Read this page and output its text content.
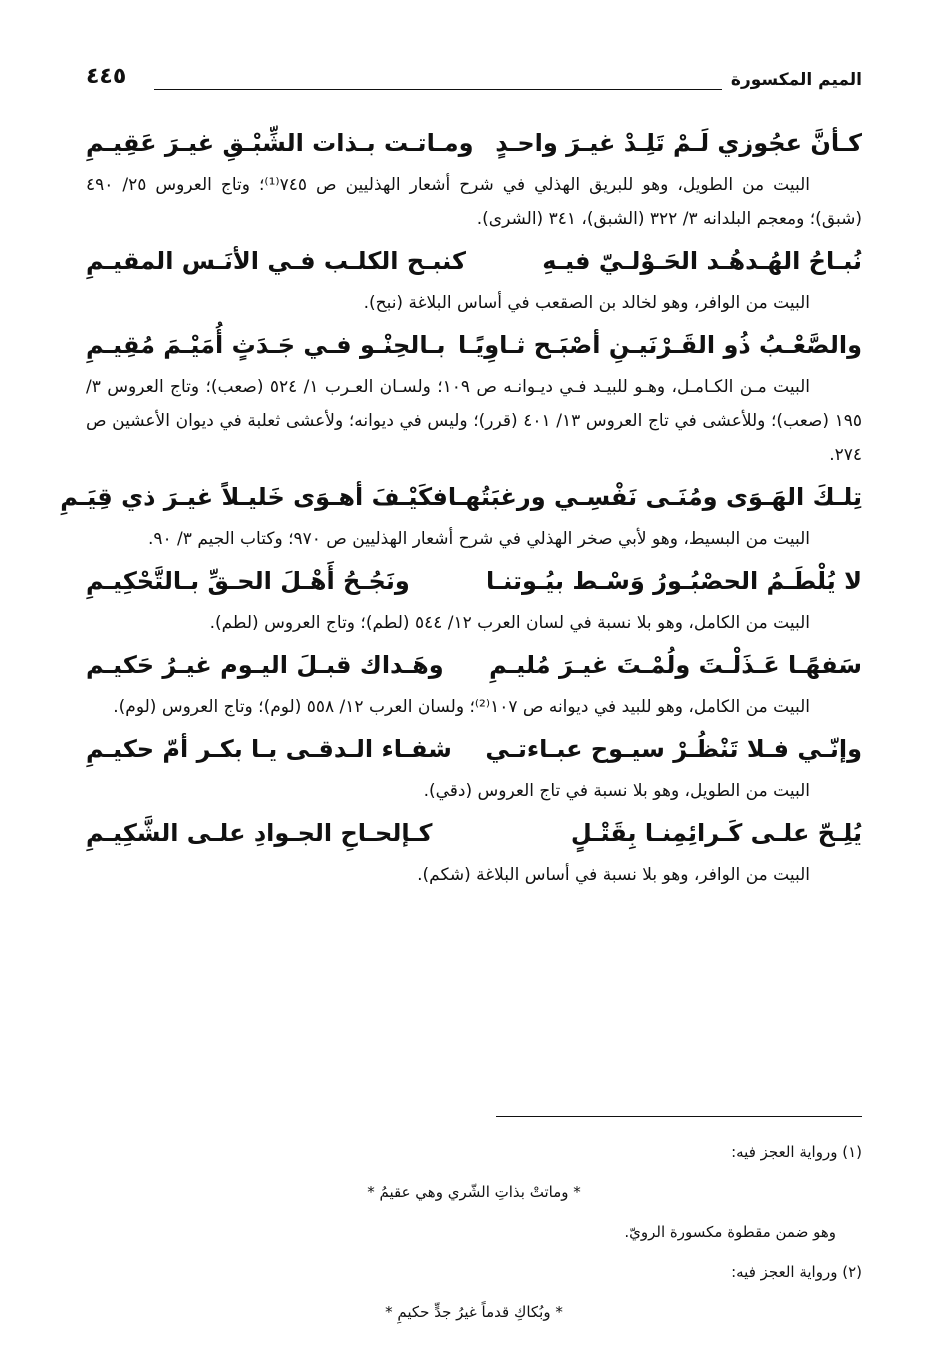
الميم المكسورة
٤٤٥
كـأنَّ عجُوزي لَـمْ تَلِـدْ غيـرَ واحـدٍ
ومـاتـت بـذات الشِّبْـقِ غيـرَ عَقِيـمِ

البيت من الطويل، وهو للبريق الهذلي في شرح أشعار الهذليين ص ٧٤٥⁽¹⁾؛ وتاج العروس ٢٥/ ٤٩٠ (شبق)؛ ومعجم البلدانه ٣/ ٣٢٢ (الشبق)، ٣٤١ (الشرى).

نُبـاحُ الهُـدهُـد الحَـوْلـيّ فيـهِ
كنبـح الكلـب فـي الأنَـس المقيـمِ

البيت من الوافر، وهو لخالد بن الصقعب في أساس البلاغة (نبح).

والصَّعْـبُ ذُو القَـرْنَيـنِ أصْبَـح ثـاوِيًـا
بـالحِنْـو فـي جَـدَثٍ أُمَيْـمَ مُقِيـمِ

البيت مـن الكـامـل، وهـو للبيـد فـي ديـوانـه ص ١٠٩؛ ولسـان العـرب ١/ ٥٢٤ (صعب)؛ وتاج العروس ٣/ ١٩٥ (صعب)؛ وللأعشى في تاج العروس ١٣/ ٤٠١ (قرر)؛ وليس في ديوانه؛ ولأعشى ثعلبة في ديوان الأعشين ص ٢٧٤.

تِلـكَ الهَـوَى ومُنَـى نَفْسِـي ورغبَتُهـا
فكَيْـفَ أهـوَى خَليـلاً غيـرَ ذي قِيَـمِ

البيت من البسيط، وهو لأبي صخر الهذلي في شرح أشعار الهذليين ص ٩٧٠؛ وكتاب الجيم ٣/ ٩٠.

لا يُلْطَـمُ الحصْبُـورُ وَسْـط بيُـوتنـا
ونَجُـحُ أَهْـلَ الحـقِّ بـالتَّحْكِيـمِ

البيت من الكامل، وهو بلا نسبة في لسان العرب ١٢/ ٥٤٤ (لطم)؛ وتاج العروس (لطم).

سَفهًـا عَـذَلْـتَ ولُمْـتَ غيـرَ مُليـمِ
وهَـداك قبـلَ اليـوم غيـرُ حَكيـم

البيت من الكامل، وهو للبيد في ديوانه ص ١٠٧⁽²⁾؛ ولسان العرب ١٢/ ٥٥٨ (لوم)؛ وتاج العروس (لوم).

وإنّـي فـلا تَنْظُـرْ سيـوح عبـاءتـي
شفـاء الـدقـى يـا بكـر أمّ حكيـمِ

البيت من الطويل، وهو بلا نسبة في تاج العروس (دقي).

يُلِـحّ علـى كَـرائِمِنـا بِقَتْـلٍ
كـإلحـاحِ الجـوادِ علـى الشَّكِيـمِ

البيت من الوافر، وهو بلا نسبة في أساس البلاغة (شكم).

(١) ورواية العجز فيه:
* وماتتْ بذاتِ الشّري وهي عقيمُ *
وهو ضمن مقطوة مكسورة الرويّ.
(٢) ورواية العجز فيه:
* وبُكاكِ قدماً غيرُ جدٍّ حكيمِ *
